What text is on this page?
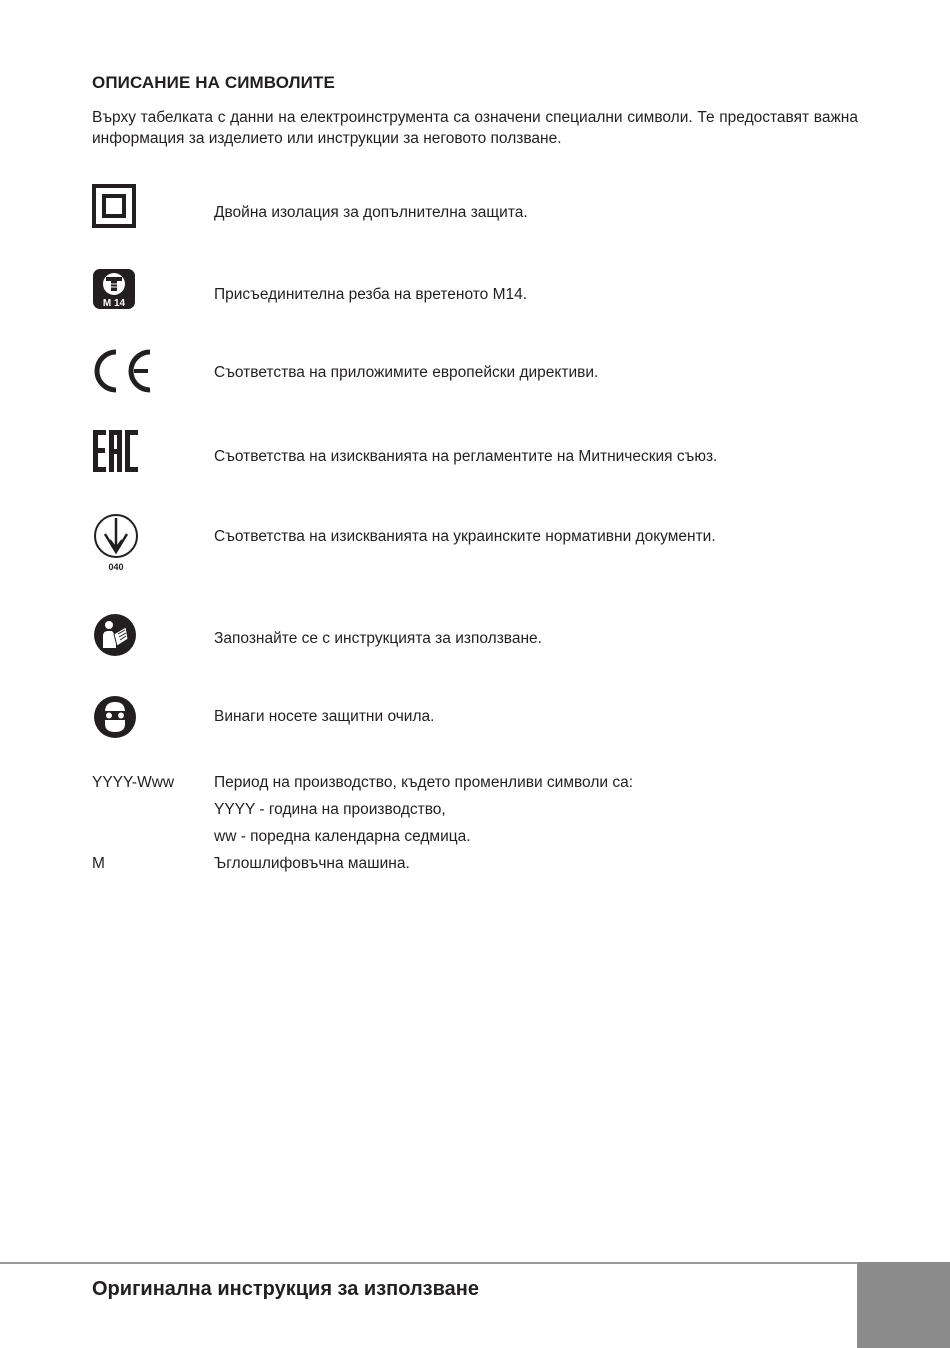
ОПИСАНИЕ НА СИМВОЛИТЕ
Върху табелката с данни на електроинструмента са означени специални символи. Те предоставят важна информация за изделието или инструкции за неговото ползване.
Двойна изолация за допълнителна защита.
M 14
Присъединителна резба на вретеното M14.
Съответства на приложимите европейски директиви.
Съответства на изискванията на регламентите на Митническия съюз.
040
Съответства на изискванията на украинските нормативни документи.
Запознайте се с инструкцията за използване.
Винаги носете защитни очила.
YYYY-Www	Период на производство, където променливи символи са:
YYYY - година на производство,
ww - поредна календарна седмица.
M	Ъглошлифовъчна машина.
Оригинална инструкция за използване
